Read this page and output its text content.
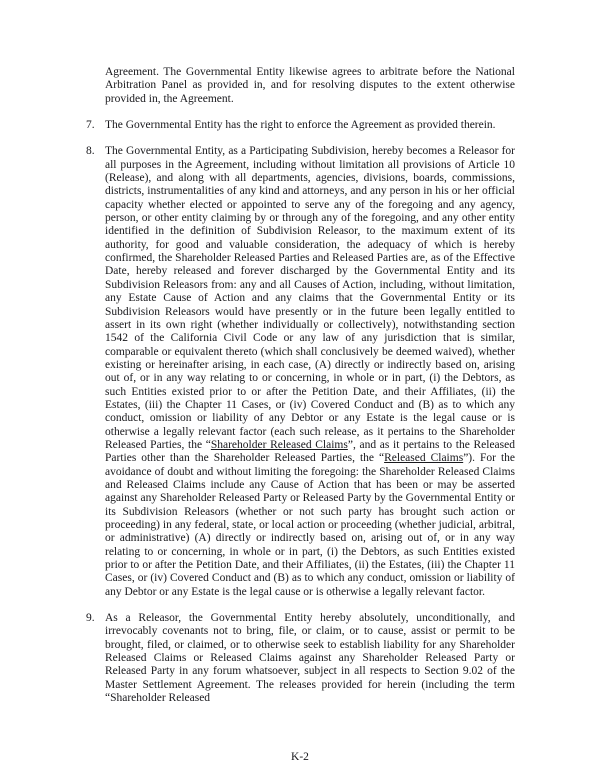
Agreement. The Governmental Entity likewise agrees to arbitrate before the National Arbitration Panel as provided in, and for resolving disputes to the extent otherwise provided in, the Agreement.

7. The Governmental Entity has the right to enforce the Agreement as provided therein.

8. The Governmental Entity, as a Participating Subdivision, hereby becomes a Releasor for all purposes in the Agreement, including without limitation all provisions of Article 10 (Release), and along with all departments, agencies, divisions, boards, commissions, districts, instrumentalities of any kind and attorneys, and any person in his or her official capacity whether elected or appointed to serve any of the foregoing and any agency, person, or other entity claiming by or through any of the foregoing, and any other entity identified in the definition of Subdivision Releasor, to the maximum extent of its authority, for good and valuable consideration, the adequacy of which is hereby confirmed, the Shareholder Released Parties and Released Parties are, as of the Effective Date, hereby released and forever discharged by the Governmental Entity and its Subdivision Releasors from: any and all Causes of Action, including, without limitation, any Estate Cause of Action and any claims that the Governmental Entity or its Subdivision Releasors would have presently or in the future been legally entitled to assert in its own right (whether individually or collectively), notwithstanding section 1542 of the California Civil Code or any law of any jurisdiction that is similar, comparable or equivalent thereto (which shall conclusively be deemed waived), whether existing or hereinafter arising, in each case, (A) directly or indirectly based on, arising out of, or in any way relating to or concerning, in whole or in part, (i) the Debtors, as such Entities existed prior to or after the Petition Date, and their Affiliates, (ii) the Estates, (iii) the Chapter 11 Cases, or (iv) Covered Conduct and (B) as to which any conduct, omission or liability of any Debtor or any Estate is the legal cause or is otherwise a legally relevant factor (each such release, as it pertains to the Shareholder Released Parties, the “Shareholder Released Claims”, and as it pertains to the Released Parties other than the Shareholder Released Parties, the “Released Claims”). For the avoidance of doubt and without limiting the foregoing: the Shareholder Released Claims and Released Claims include any Cause of Action that has been or may be asserted against any Shareholder Released Party or Released Party by the Governmental Entity or its Subdivision Releasors (whether or not such party has brought such action or proceeding) in any federal, state, or local action or proceeding (whether judicial, arbitral, or administrative) (A) directly or indirectly based on, arising out of, or in any way relating to or concerning, in whole or in part, (i) the Debtors, as such Entities existed prior to or after the Petition Date, and their Affiliates, (ii) the Estates, (iii) the Chapter 11 Cases, or (iv) Covered Conduct and (B) as to which any conduct, omission or liability of any Debtor or any Estate is the legal cause or is otherwise a legally relevant factor.

9. As a Releasor, the Governmental Entity hereby absolutely, unconditionally, and irrevocably covenants not to bring, file, or claim, or to cause, assist or permit to be brought, filed, or claimed, or to otherwise seek to establish liability for any Shareholder Released Claims or Released Claims against any Shareholder Released Party or Released Party in any forum whatsoever, subject in all respects to Section 9.02 of the Master Settlement Agreement. The releases provided for herein (including the term “Shareholder Released

K-2
